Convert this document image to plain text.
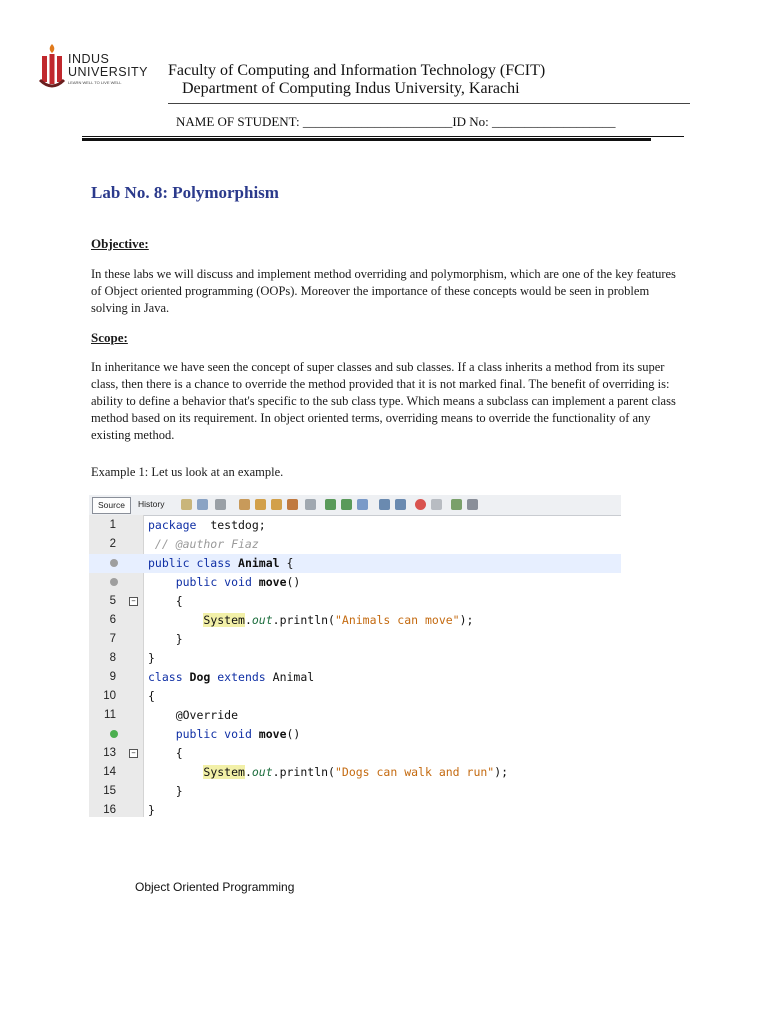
INDUS
UNIVERSITY
LEARN WELL TO LIVE WELL
Faculty of Computing and Information Technology (FCIT)
Department of Computing Indus University, Karachi
NAME OF STUDENT: _______________________ID No: ___________________
Lab No. 8: Polymorphism
Objective:
In these labs we will discuss and implement method overriding and polymorphism, which are one of the key features of Object oriented programming (OOPs). Moreover the importance of these concepts would be seen in problem solving in Java.
Scope:
In inheritance we have seen the concept of super classes and sub classes. If a class inherits a method from its super class, then there is a chance to override the method provided that it is not marked final. The benefit of overriding is: ability to define a behavior that's specific to the sub class type. Which means a subclass can implement a parent class method based on its requirement. In object oriented terms, overriding means to override the functionality of any existing method.
Example 1: Let us look at an example.
Source	History
1	package  testdog;
2	// @author Fiaz
public class Animal {
public void move()
5	− {
6	System.out.println("Animals can move");
7	}
8	}
9	class Dog extends Animal
10	{
11	@Override
public void move()
13	− {
14	System.out.println("Dogs can walk and run");
15	}
16	}
Object Oriented Programming
